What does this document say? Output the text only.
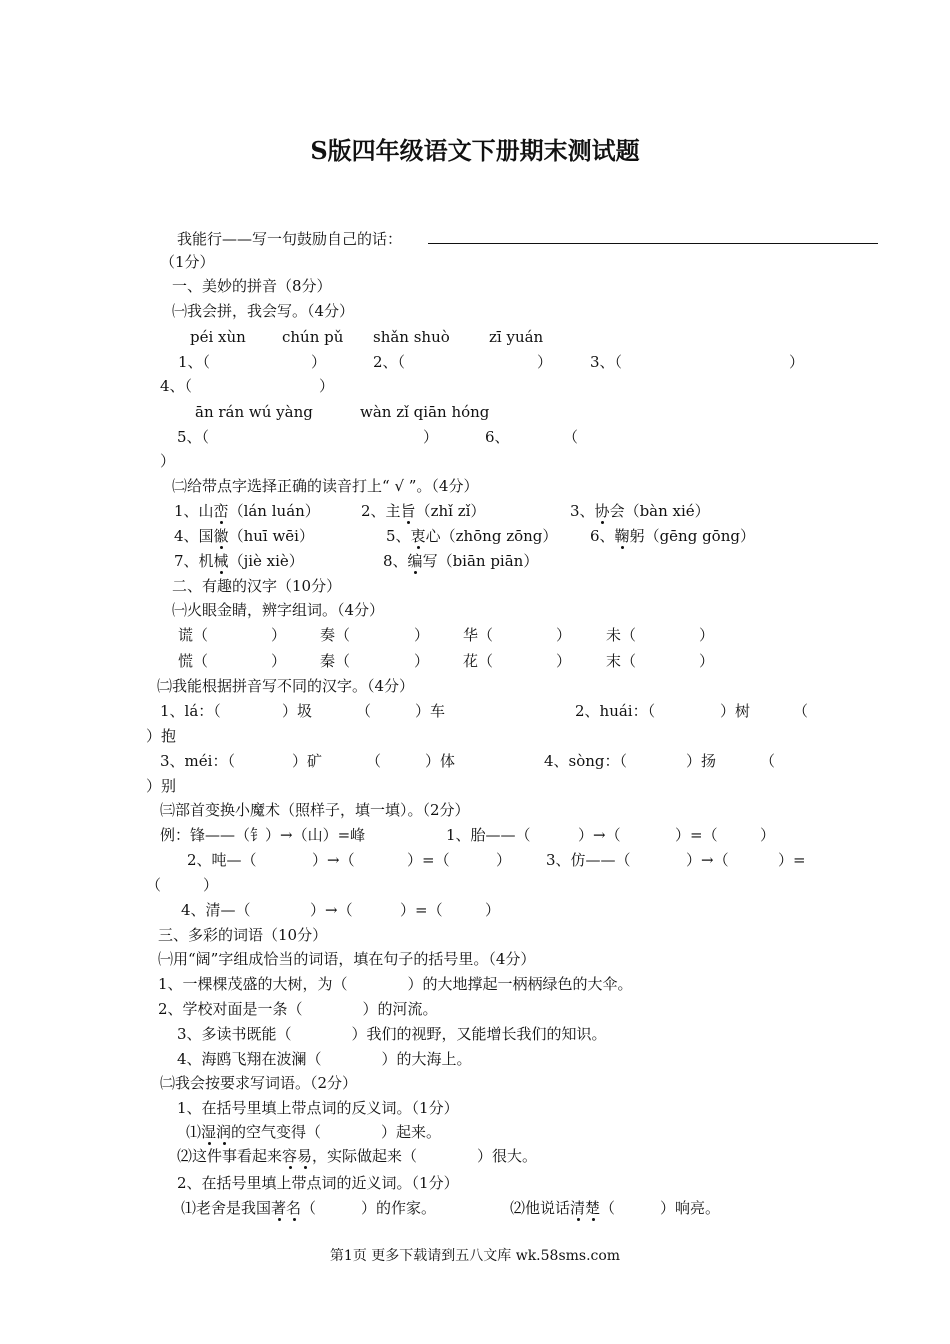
S版四年级语文下册期末测试题
我能行——写一句鼓励自己的话：
（1分）
一、美妙的拼音（8分）
㈠我会拼，我会写。（4分）
péi xùn chún pǔ shǎn shuò	zī yuán
1、（	）	2、（	）	3、（	）
4、（	）
ān rán wú yàng	wàn zǐ qiān hóng
5、（	）	6、	（
）
㈡给带点字选择正确的读音打上“ √ ”。（4分）
1、山峦（lán luán）	2、主旨（zhǐ zǐ）	3、协会（bàn xié）
4、国徽（huī wēi）	5、衷心（zhōng zōng） 6、鞠躬（gēng gōng）
7、机械（jiè xiè）	8、编写（biān piān）
二、有趣的汉字（10分）
㈠火眼金睛，辨字组词。（4分）
谎（	） 奏（	） 华（	） 未（	）
慌（	） 秦（	） 花（	） 末（	）
㈡我能根据拼音写不同的汉字。（4分）
1、lá：（	）圾	（	）车	2、huái：（	）树	（
）抱
3、méi：（	）矿	（	）体	4、sòng：（	）扬	（
）别
㈢部首变换小魔术（照样子，填一填）。（2分）
例：锋——（钅）→（山）=峰	1、胎——（	）→（	）=（	）
2、吨—（	）→（	）=（	） 3、仿——（	）→（	）=
（	）
4、清—（	）→（	）=（	）
三、多彩的词语（10分）
㈠用“阔”字组成恰当的词语，填在句子的括号里。（4分）
1、一棵棵茂盛的大树，为（　　　　）的大地撑起一柄柄绿色的大伞。
2、学校对面是一条（　　　　）的河流。
3、多读书既能（　　　　）我们的视野，又能增长我们的知识。
4、海鸥飞翔在波澜（　　　　）的大海上。
㈡我会按要求写词语。（2分）
1、在括号里填上带点词的反义词。（1分）
⑴湿润的空气变得（　　　　）起来。
⑵这件事看起来容易，实际做起来（　　　　）很大。
2、在括号里填上带点词的近义词。（1分）
⑴老舍是我国著名（　　　）的作家。	⑵他说话清楚（　　　）响亮。
第1页 更多下载请到五八文库 wk.58sms.com
